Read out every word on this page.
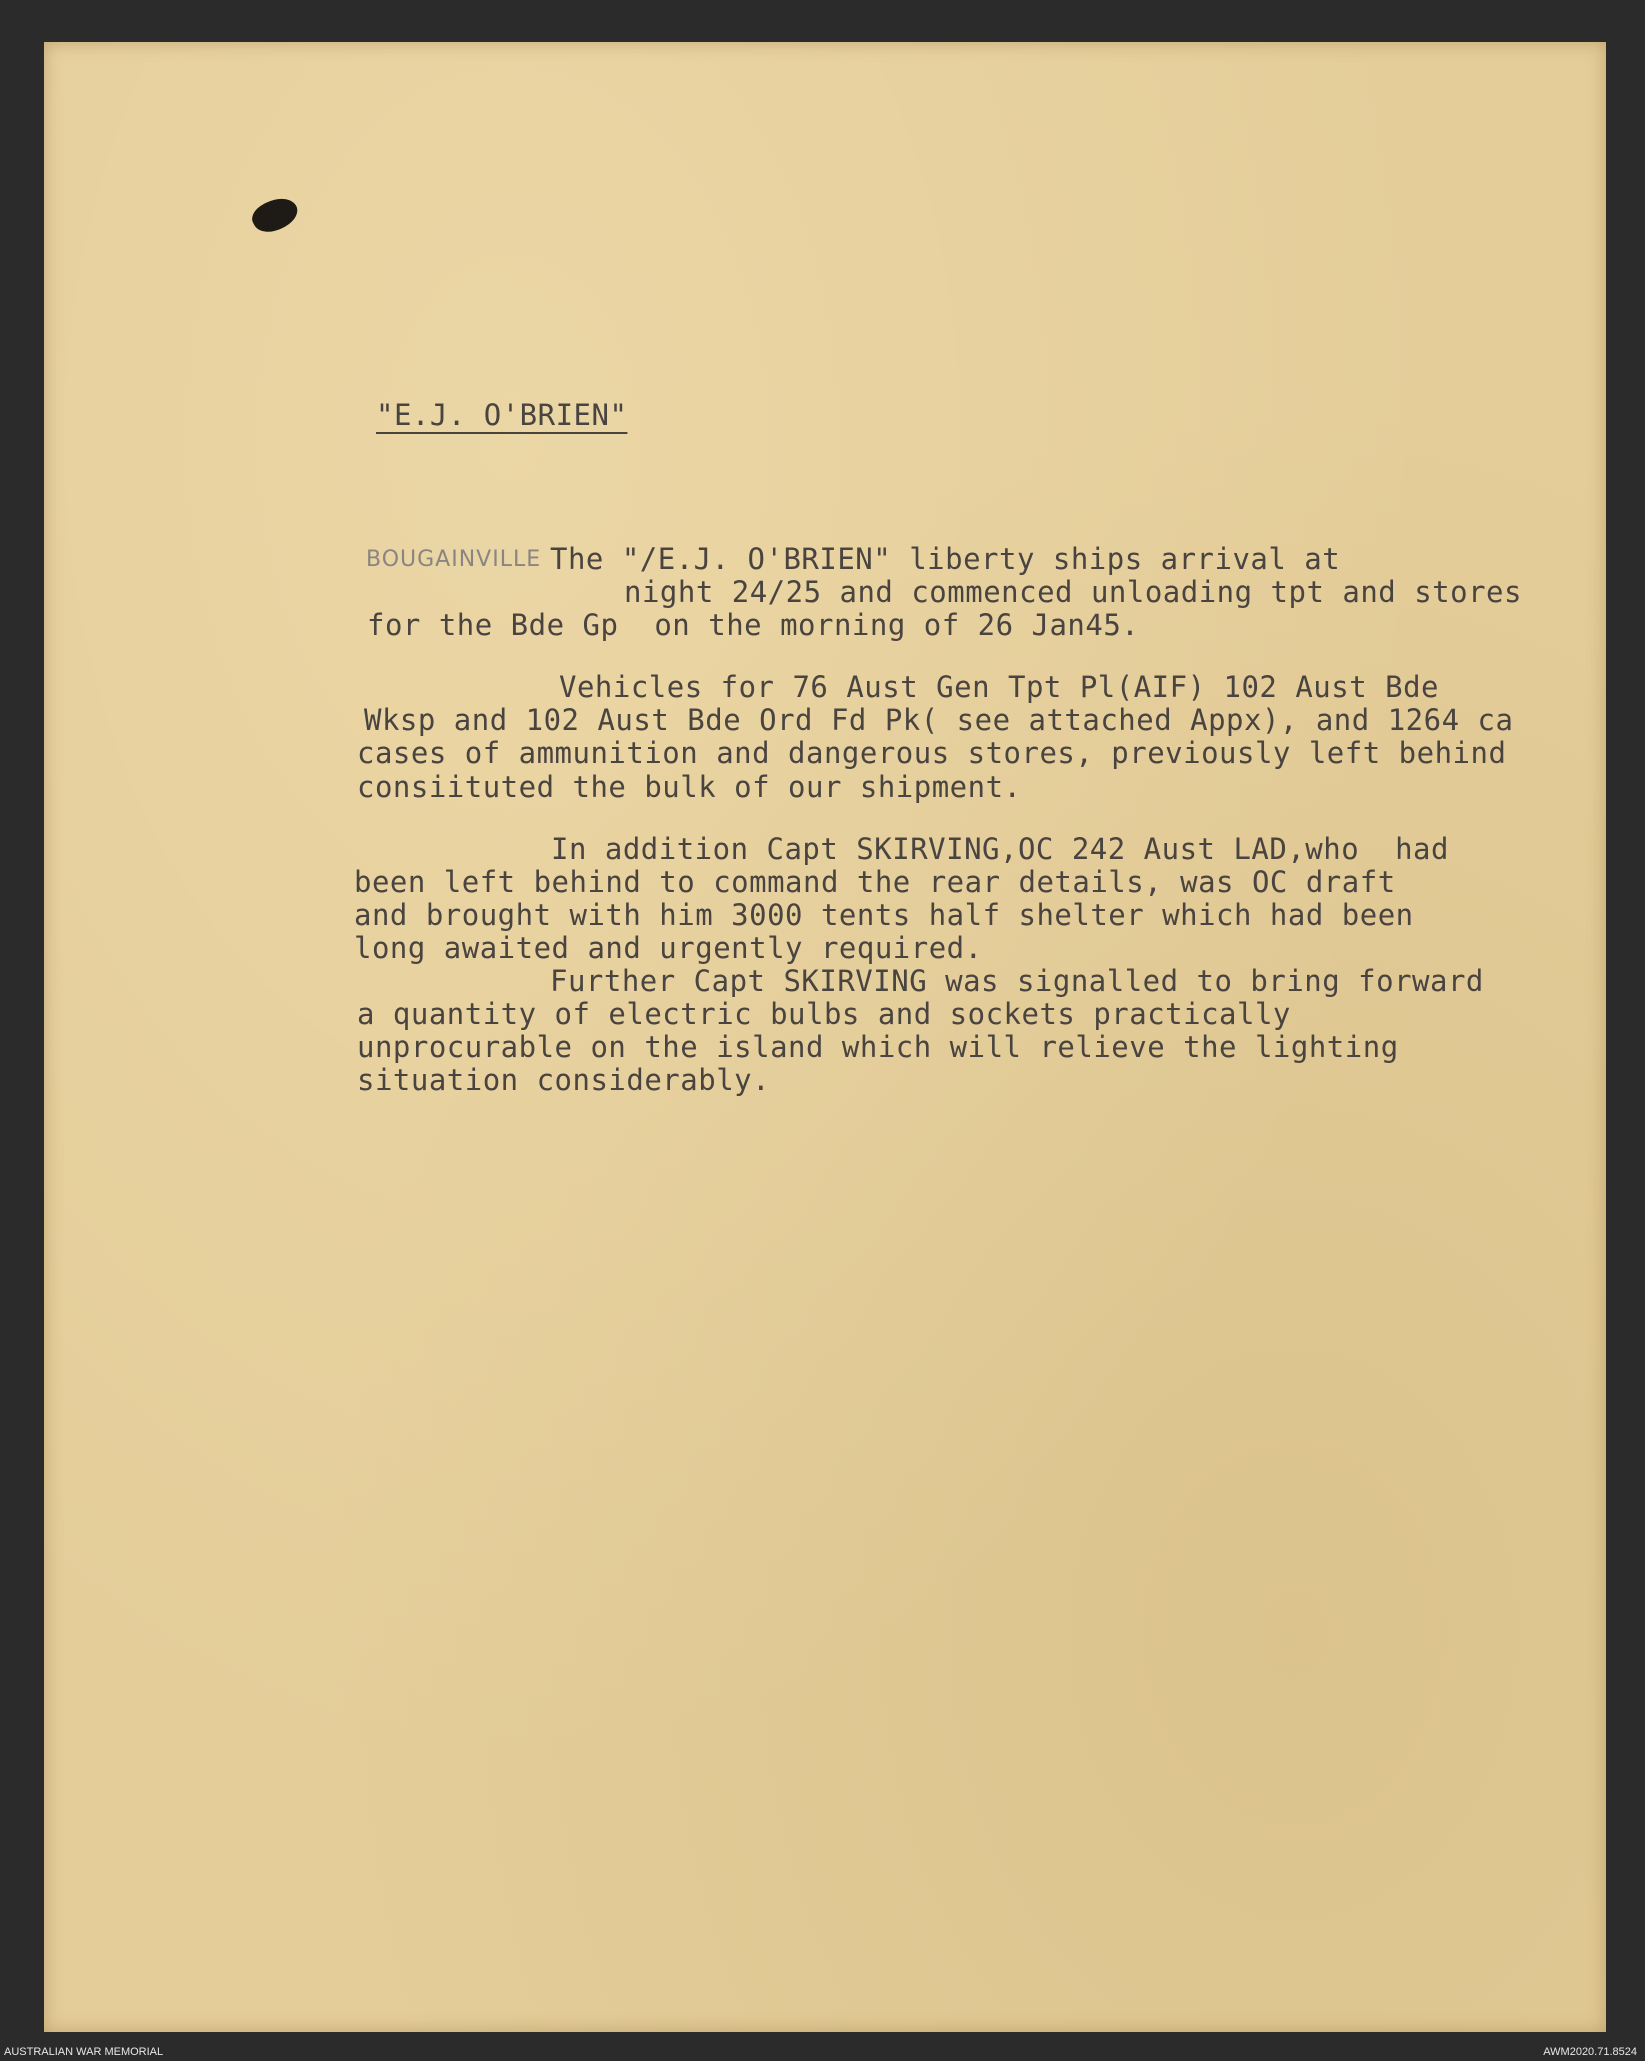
"E.J. O'BRIEN"
BOUGAINVILLE The "/E.J. O'BRIEN" liberty ships arrival at
night 24/25 and commenced unloading tpt and stores
for the Bde Gp  on the morning of 26 Jan45.
Vehicles for 76 Aust Gen Tpt Pl(AIF) 102 Aust Bde
Wksp and 102 Aust Bde Ord Fd Pk( see attached Appx), and 1264 ca
cases of ammunition and dangerous stores, previously left behind
consiituted the bulk of our shipment.
In addition Capt SKIRVING,OC 242 Aust LAD,who  had
been left behind to command the rear details, was OC draft
and brought with him 3000 tents half shelter which had been
long awaited and urgently required.
Further Capt SKIRVING was signalled to bring forward
a quantity of electric bulbs and sockets practically
unprocurable on the island which will relieve the lighting
situation considerably.
AUSTRALIAN WAR MEMORIAL	AWM2020.71.8524
